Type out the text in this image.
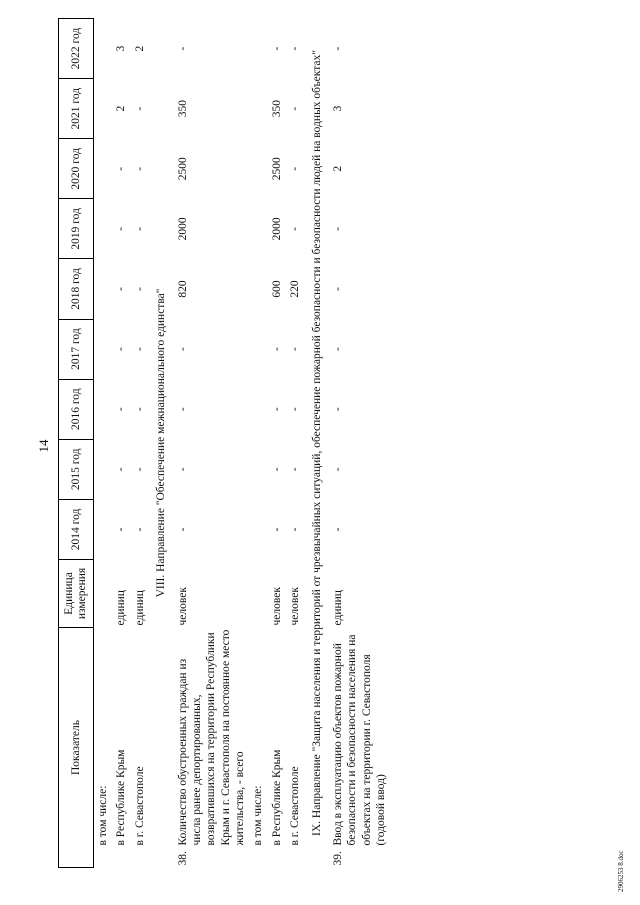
14
2906253 8.doc
Показатель		Единица измерения	2014 год	2015 год	2016 год	2017 год	2018 год	2019 год	2020 год	2021 год	2022 год
	в том числе:										
	в Республике Крым	единиц	-	-	-	-	-	-	-	2	3
	в г. Севастополе	единиц	-	-	-	-	-	-	-	-	2
VIII. Направление "Обеспечение межнационального единства"											
38.	Количество обустроенных граждан из числа ранее депортированных, возвратившихся на территории Республики Крым и г. Севастополя на постоянное место жительства, - всего	человек	-	-	-	-	820	2000	2500	350	-
	в том числе:										
	в Республике Крым	человек	-	-	-	-	600	2000	2500	350	-
	в г. Севастополе	человек	-	-	-	-	220	-	-	-	-
IX. Направление "Защита населения и территорий от чрезвычайных ситуаций, обеспечение пожарной безопасности и безопасности людей на водных объектах"											
39.	Ввод в эксплуатацию объектов пожарной безопасности и безопасности населения на объектах на территории г. Севастополя (годовой ввод)	единиц	-	-	-	-	-	-	2	3	-
